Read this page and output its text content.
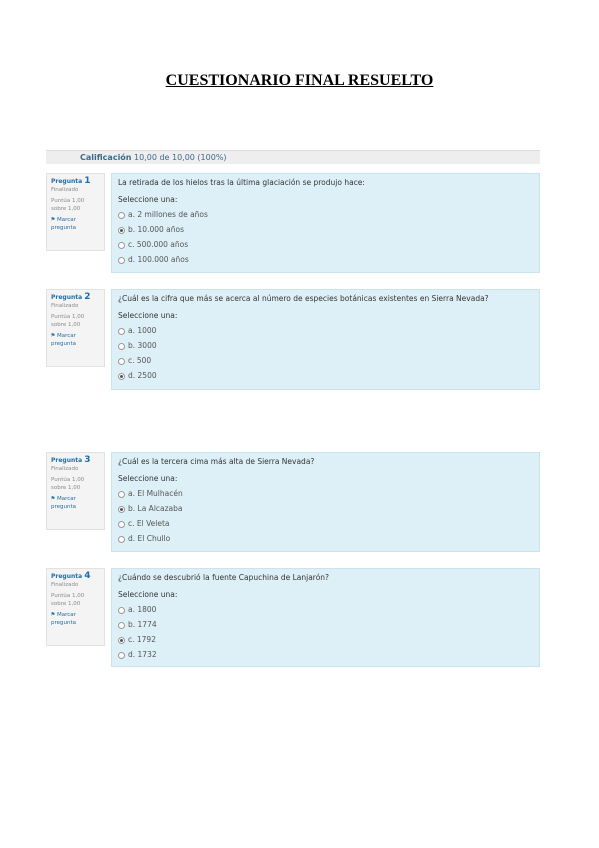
CUESTIONARIO FINAL RESUELTO
Calificación 10,00 de 10,00 (100%)
Pregunta 1
Finalizado
Puntúa 1,00
sobre 1,00
⚑ Marcar
pregunta
La retirada de los hielos tras la última glaciación se produjo hace:
Seleccione una:
a. 2 millones de años
b. 10.000 años
c. 500.000 años
d. 100.000 años
Pregunta 2
Finalizado
Puntúa 1,00
sobre 1,00
⚑ Marcar
pregunta
¿Cuál es la cifra que más se acerca al número de especies botánicas existentes en Sierra Nevada?
Seleccione una:
a. 1000
b. 3000
c. 500
d. 2500
Pregunta 3
Finalizado
Puntúa 1,00
sobre 1,00
⚑ Marcar
pregunta
¿Cuál es la tercera cima más alta de Sierra Nevada?
Seleccione una:
a. El Mulhacén
b. La Alcazaba
c. El Veleta
d. El Chullo
Pregunta 4
Finalizado
Puntúa 1,00
sobre 1,00
⚑ Marcar
pregunta
¿Cuándo se descubrió la fuente Capuchina de Lanjarón?
Seleccione una:
a. 1800
b. 1774
c. 1792
d. 1732
